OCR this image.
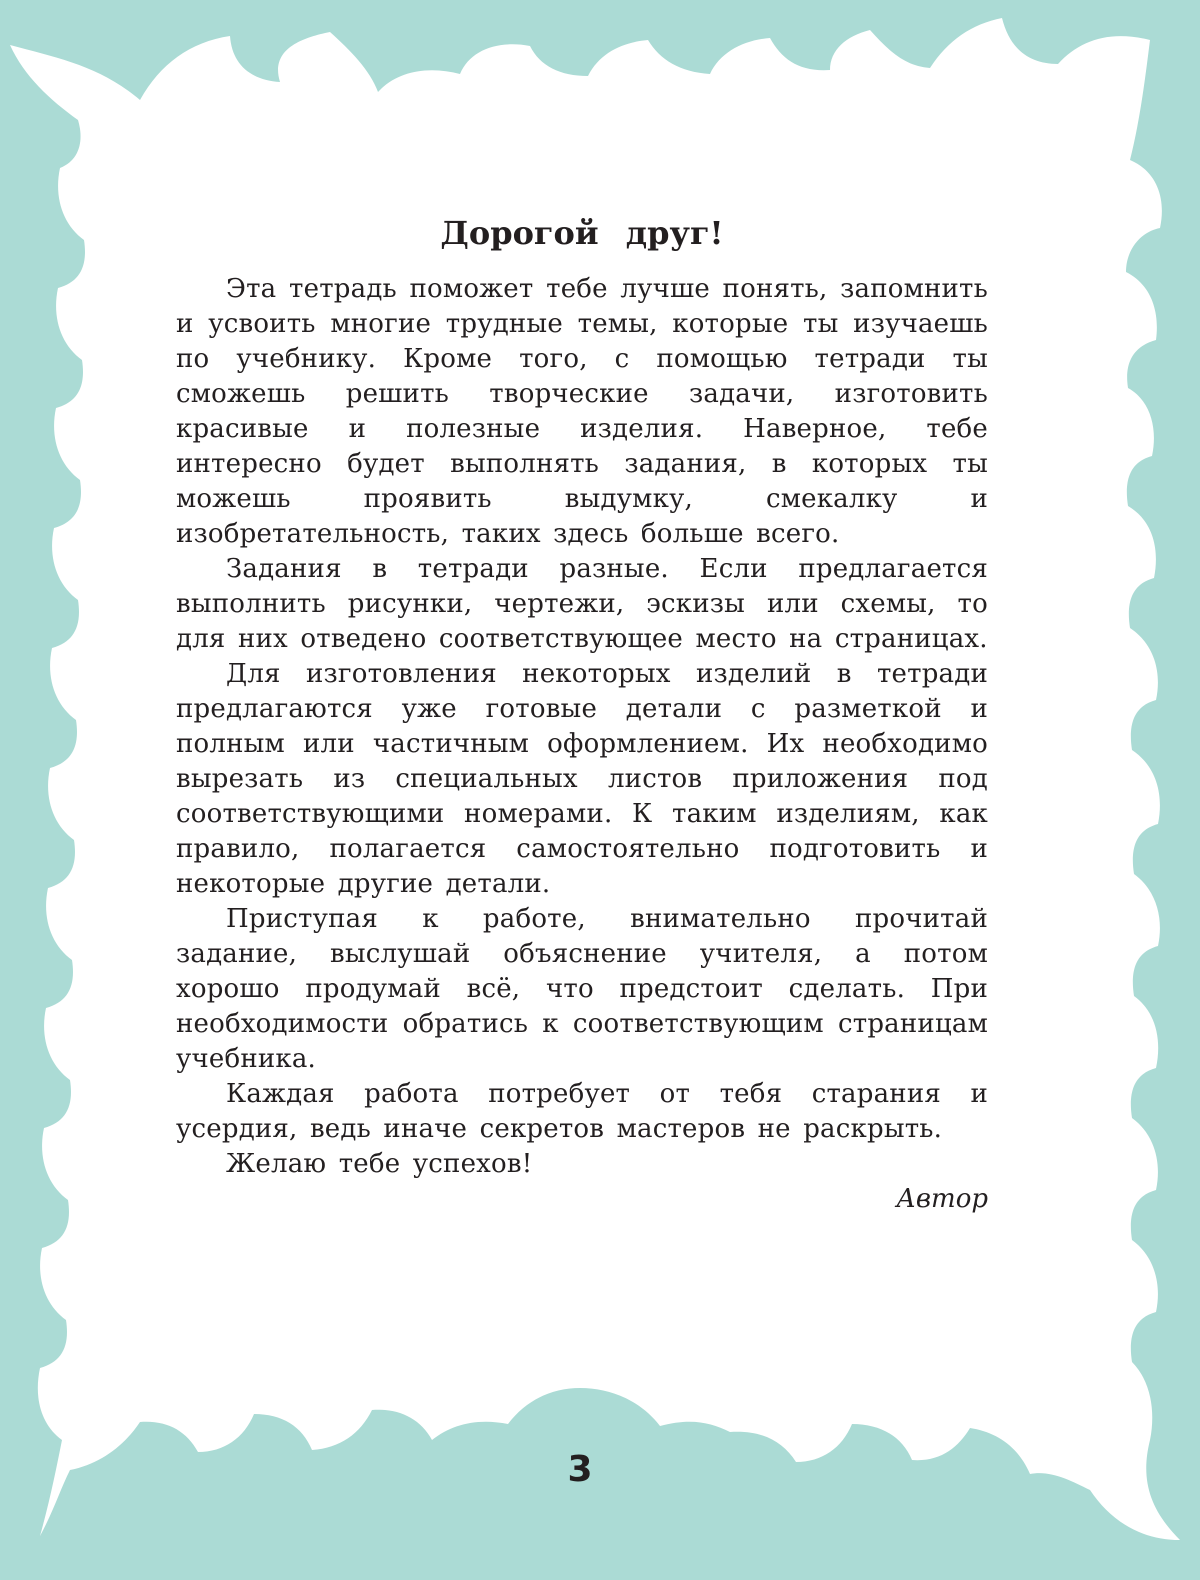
Дорогой друг!

Эта тетрадь поможет тебе лучше понять, запомнить и усвоить многие трудные темы, которые ты изучаешь по учебнику. Кроме того, с помощью тетради ты сможешь решить творческие задачи, изготовить красивые и полезные изделия. Наверное, тебе интересно будет выполнять задания, в которых ты можешь проявить выдумку, смекалку и изобретательность, таких здесь больше всего.

Задания в тетради разные. Если предлагается выполнить рисунки, чертежи, эскизы или схемы, то для них отведено соответствующее место на страницах.

Для изготовления некоторых изделий в тетради предлагаются уже готовые детали с разметкой и полным или частичным оформлением. Их необходимо вырезать из специальных листов приложения под соответствующими номерами. К таким изделиям, как правило, полагается самостоятельно подготовить и некоторые другие детали.

Приступая к работе, внимательно прочитай задание, выслушай объяснение учителя, а потом хорошо продумай всё, что предстоит сделать. При необходимости обратись к соответствующим страницам учебника.

Каждая работа потребует от тебя старания и усердия, ведь иначе секретов мастеров не раскрыть.

Желаю тебе успехов!

Автор

3
